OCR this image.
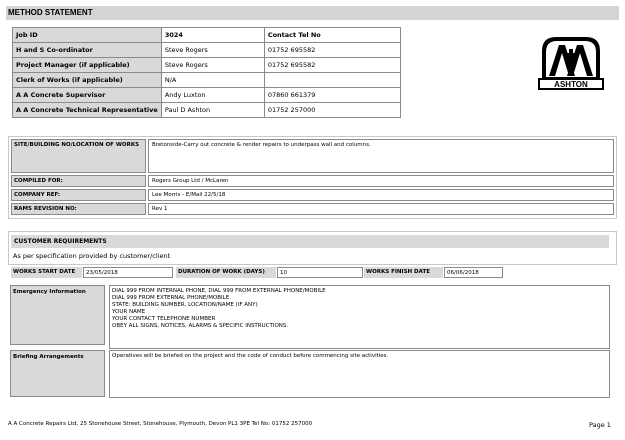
METHOD STATEMENT
Job ID	3024	Contact Tel No
H and S Co-ordinator	Steve Rogers	01752 695582
Project Manager (if applicable)	Steve Rogers	01752 695582
Clerk of Works (if applicable)	N/A	
A A Concrete Supervisor	Andy Luxton	07860 661379
A A Concrete Technical Representative	Paul D Ashton	01752 257000
ASHTON
SITE/BUILDING NO/LOCATION OF WORKS	Bretonside-Carry out concrete & render repairs to underpass wall and columns.
COMPILED FOR:	Rogers Group Ltd / McLaren
COMPANY REF:	Lee Morris - E/Mail 22/5/18
RAMS REVISION NO:	Rev 1
CUSTOMER REQUIREMENTS
As per specification provided by customer/client
WORKS START DATE	23/05/2018	DURATION OF WORK (DAYS)	10	WORKS FINISH DATE	06/06/2018
Emergency Information	DIAL 999 FROM INTERNAL PHONE, DIAL 999 FROM EXTERNAL PHONE/MOBILE
DIAL 999 FROM EXTERNAL PHONE/MOBILE.
STATE: BUILDING NUMBER, LOCATION/NAME (IF ANY)
YOUR NAME
YOUR CONTACT TELEPHONE NUMBER
OBEY ALL SIGNS, NOTICES, ALARMS & SPECIFIC INSTRUCTIONS.
Briefing Arrangements	Operatives will be briefed on the project and the code of conduct before commencing site activities.
A A Concrete Repairs Ltd, 25 Stonehouse Street, Stonehouse, Plymouth, Devon PL1 3PE Tel No: 01752 257000	Page 1
